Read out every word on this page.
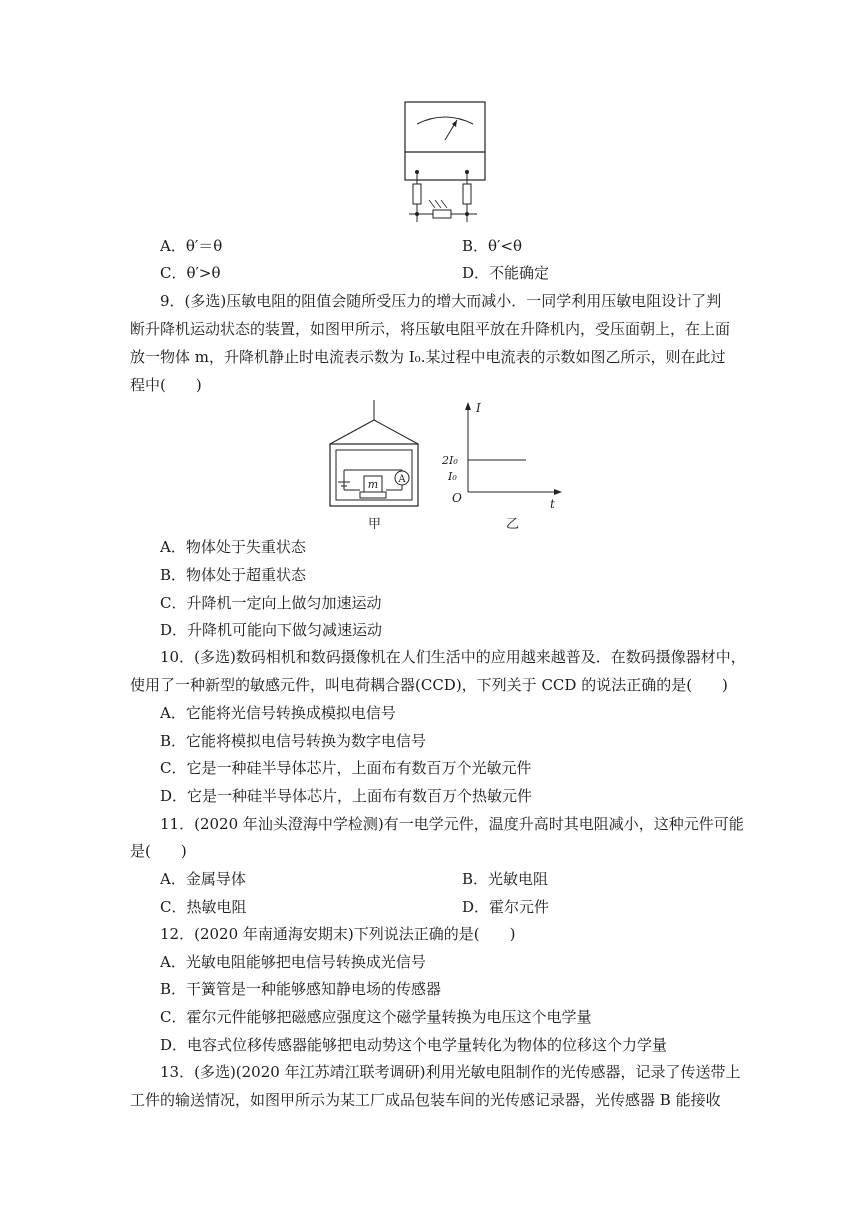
A．θ′＝θ	B．θ′<θ
C．θ′>θ	D．不能确定
9．(多选)压敏电阻的阻值会随所受压力的增大而减小．一同学利用压敏电阻设计了判
断升降机运动状态的装置，如图甲所示，将压敏电阻平放在升降机内，受压面朝上，在上面
放一物体 m，升降机静止时电流表示数为 I₀.某过程中电流表的示数如图乙所示，则在此过
程中(　　)
A
m
甲
I
t
O
2I₀
I₀
乙
A．物体处于失重状态
B．物体处于超重状态
C．升降机一定向上做匀加速运动
D．升降机可能向下做匀减速运动
10．(多选)数码相机和数码摄像机在人们生活中的应用越来越普及．在数码摄像器材中，
使用了一种新型的敏感元件，叫电荷耦合器(CCD)，下列关于 CCD 的说法正确的是(　　)
A．它能将光信号转换成模拟电信号
B．它能将模拟电信号转换为数字电信号
C．它是一种硅半导体芯片，上面布有数百万个光敏元件
D．它是一种硅半导体芯片，上面布有数百万个热敏元件
11．(2020 年汕头澄海中学检测)有一电学元件，温度升高时其电阻减小，这种元件可能
是(　　)
A．金属导体	B．光敏电阻
C．热敏电阻	D．霍尔元件
12．(2020 年南通海安期末)下列说法正确的是(　　)
A．光敏电阻能够把电信号转换成光信号
B．干簧管是一种能够感知静电场的传感器
C．霍尔元件能够把磁感应强度这个磁学量转换为电压这个电学量
D．电容式位移传感器能够把电动势这个电学量转化为物体的位移这个力学量
13．(多选)(2020 年江苏靖江联考调研)利用光敏电阻制作的光传感器，记录了传送带上
工件的输送情况，如图甲所示为某工厂成品包装车间的光传感记录器，光传感器 B 能接收
